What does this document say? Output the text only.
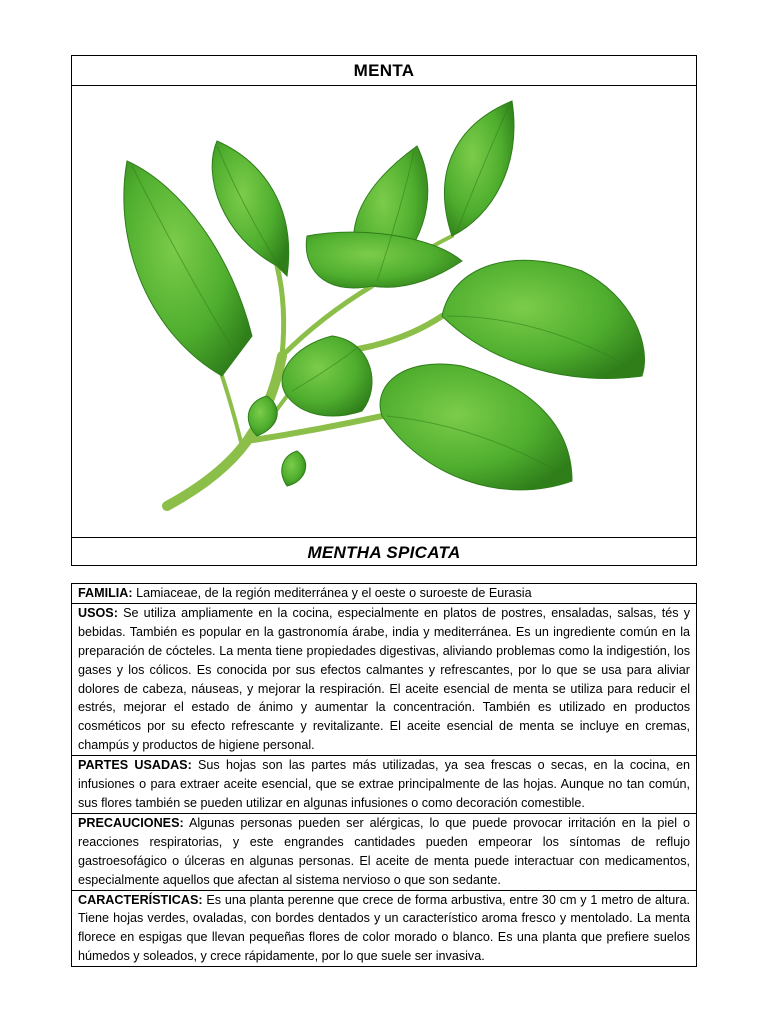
MENTA
MENTHA SPICATA
FAMILIA: Lamiaceae, de la región mediterránea y el oeste o suroeste de Eurasia
USOS: Se utiliza ampliamente en la cocina, especialmente en platos de postres, ensaladas, salsas, tés y bebidas. También es popular en la gastronomía árabe, india y mediterránea. Es un ingrediente común en la preparación de cócteles. La menta tiene propiedades digestivas, aliviando problemas como la indigestión, los gases y los cólicos. Es conocida por sus efectos calmantes y refrescantes, por lo que se usa para aliviar dolores de cabeza, náuseas, y mejorar la respiración. El aceite esencial de menta se utiliza para reducir el estrés, mejorar el estado de ánimo y aumentar la concentración. También es utilizado en productos cosméticos por su efecto refrescante y revitalizante. El aceite esencial de menta se incluye en cremas, champús y productos de higiene personal.
PARTES USADAS: Sus hojas son las partes más utilizadas, ya sea frescas o secas, en la cocina, en infusiones o para extraer aceite esencial, que se extrae principalmente de las hojas. Aunque no tan común, sus flores también se pueden utilizar en algunas infusiones o como decoración comestible.
PRECAUCIONES: Algunas personas pueden ser alérgicas, lo que puede provocar irritación en la piel o reacciones respiratorias, y este engrandes cantidades pueden empeorar los síntomas de reflujo gastroesofágico o úlceras en algunas personas. El aceite de menta puede interactuar con medicamentos, especialmente aquellos que afectan al sistema nervioso o que son sedante.
CARACTERÍSTICAS: Es una planta perenne que crece de forma arbustiva, entre 30 cm y 1 metro de altura. Tiene hojas verdes, ovaladas, con bordes dentados y un característico aroma fresco y mentolado. La menta florece en espigas que llevan pequeñas flores de color morado o blanco. Es una planta que prefiere suelos húmedos y soleados, y crece rápidamente, por lo que suele ser invasiva.
